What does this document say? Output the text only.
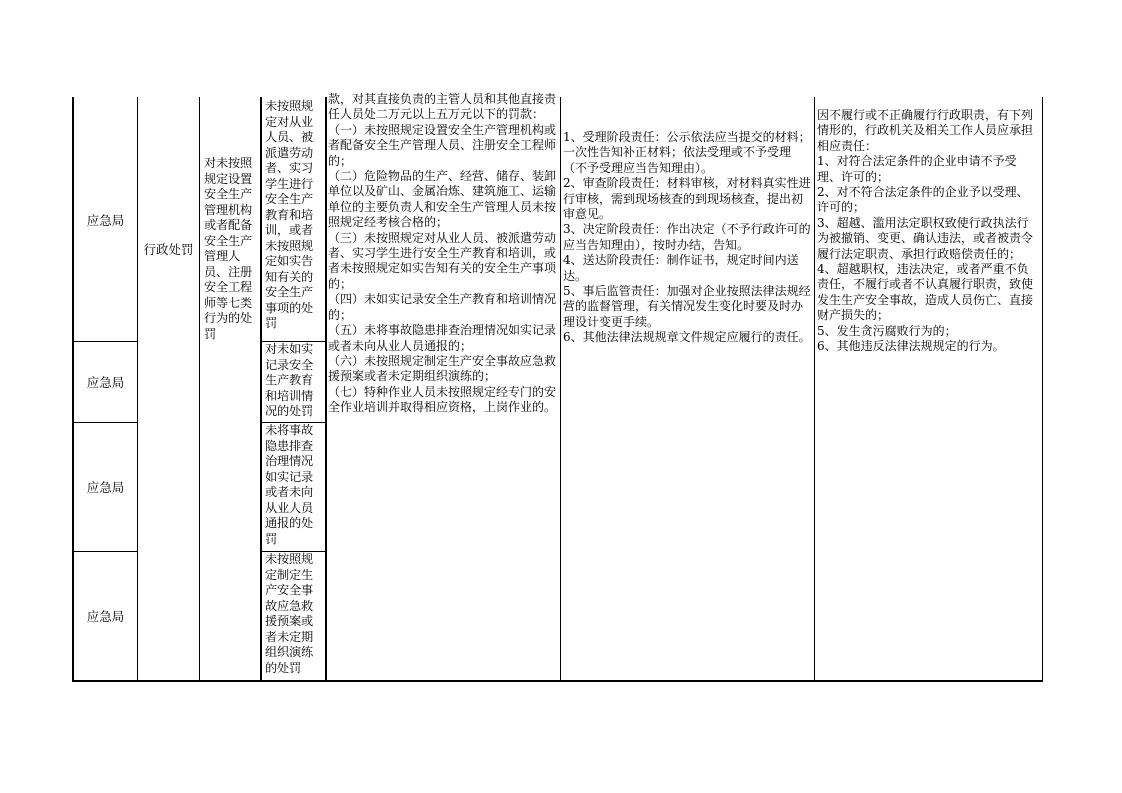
应急局
应急局
应急局
应急局
行政处罚
对未按照规定设置安全生产管理机构或者配备安全生产管理人员、注册安全工程师等七类行为的处罚
未按照规定对从业人员、被派遣劳动者、实习学生进行安全生产教育和培训，或者未按照规定如实告知有关的安全生产事项的处罚
对未如实记录安全生产教育和培训情况的处罚
未将事故隐患排查治理情况如实记录或者未向从业人员通报的处罚
未按照规定制定生产安全事故应急救援预案或者未定期组织演练的处罚
款，对其直接负责的主管人员和其他直接责任人员处二万元以上五万元以下的罚款：
（一）未按照规定设置安全生产管理机构或者配备安全生产管理人员、注册安全工程师的；
（二）危险物品的生产、经营、储存、装卸单位以及矿山、金属冶炼、建筑施工、运输单位的主要负责人和安全生产管理人员未按照规定经考核合格的；
（三）未按照规定对从业人员、被派遣劳动者、实习学生进行安全生产教育和培训，或者未按照规定如实告知有关的安全生产事项的；
（四）未如实记录安全生产教育和培训情况的；
（五）未将事故隐患排查治理情况如实记录或者未向从业人员通报的；
（六）未按照规定制定生产安全事故应急救援预案或者未定期组织演练的；
（七）特种作业人员未按照规定经专门的安全作业培训并取得相应资格，上岗作业的。
1、受理阶段责任：公示依法应当提交的材料；一次性告知补正材料；依法受理或不予受理（不予受理应当告知理由）。
2、审查阶段责任：材料审核，对材料真实性进行审核，需到现场核查的到现场核查，提出初审意见。
3、决定阶段责任：作出决定（不予行政许可的应当告知理由），按时办结，告知。
4、送达阶段责任：制作证书，规定时间内送达。
5、事后监管责任：加强对企业按照法律法规经营的监督管理，有关情况发生变化时要及时办理设计变更手续。
6、其他法律法规规章文件规定应履行的责任。
因不履行或不正确履行行政职责，有下列情形的，行政机关及相关工作人员应承担相应责任：
1、对符合法定条件的企业申请不予受理、许可的；
2、对不符合法定条件的企业予以受理、许可的；
3、超越、滥用法定职权致使行政执法行为被撤销、变更、确认违法，或者被责令履行法定职责、承担行政赔偿责任的；
4、超越职权，违法决定，或者严重不负责任，不履行或者不认真履行职责，致使发生生产安全事故，造成人员伤亡、直接财产损失的；
5、发生贪污腐败行为的；
6、其他违反法律法规规定的行为。
